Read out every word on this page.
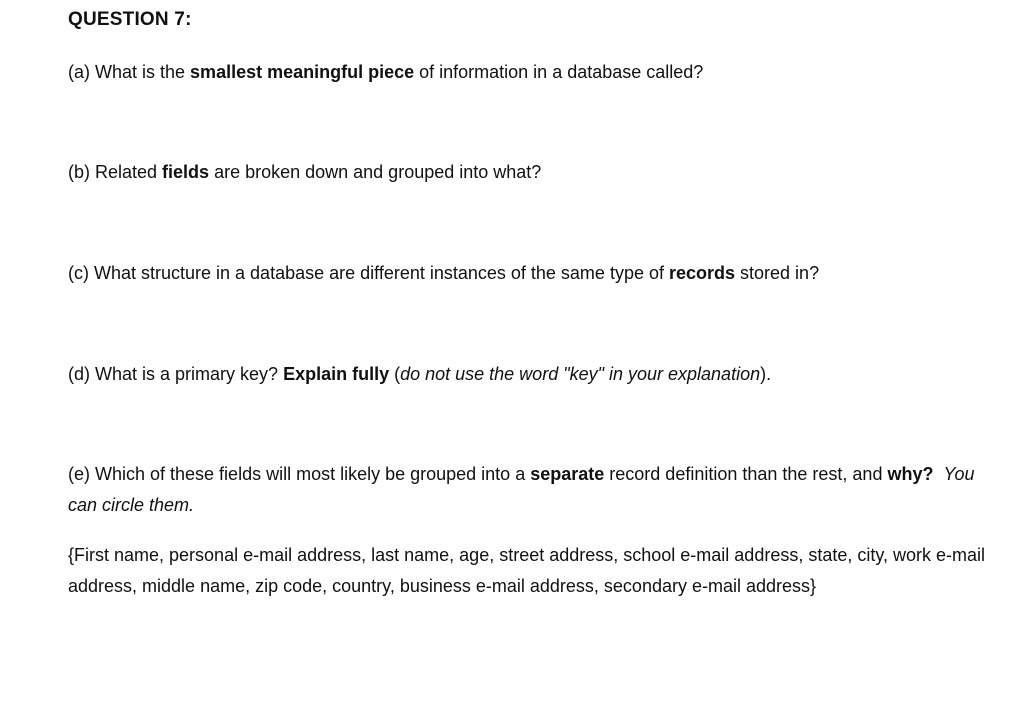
QUESTION 7:
(a) What is the smallest meaningful piece of information in a database called?
(b) Related fields are broken down and grouped into what?
(c) What structure in a database are different instances of the same type of records stored in?
(d) What is a primary key? Explain fully (do not use the word "key" in your explanation).
(e) Which of these fields will most likely be grouped into a separate record definition than the rest, and why? You can circle them.
{First name, personal e-mail address, last name, age, street address, school e-mail address, state, city, work e-mail address, middle name, zip code, country, business e-mail address, secondary e-mail address}
